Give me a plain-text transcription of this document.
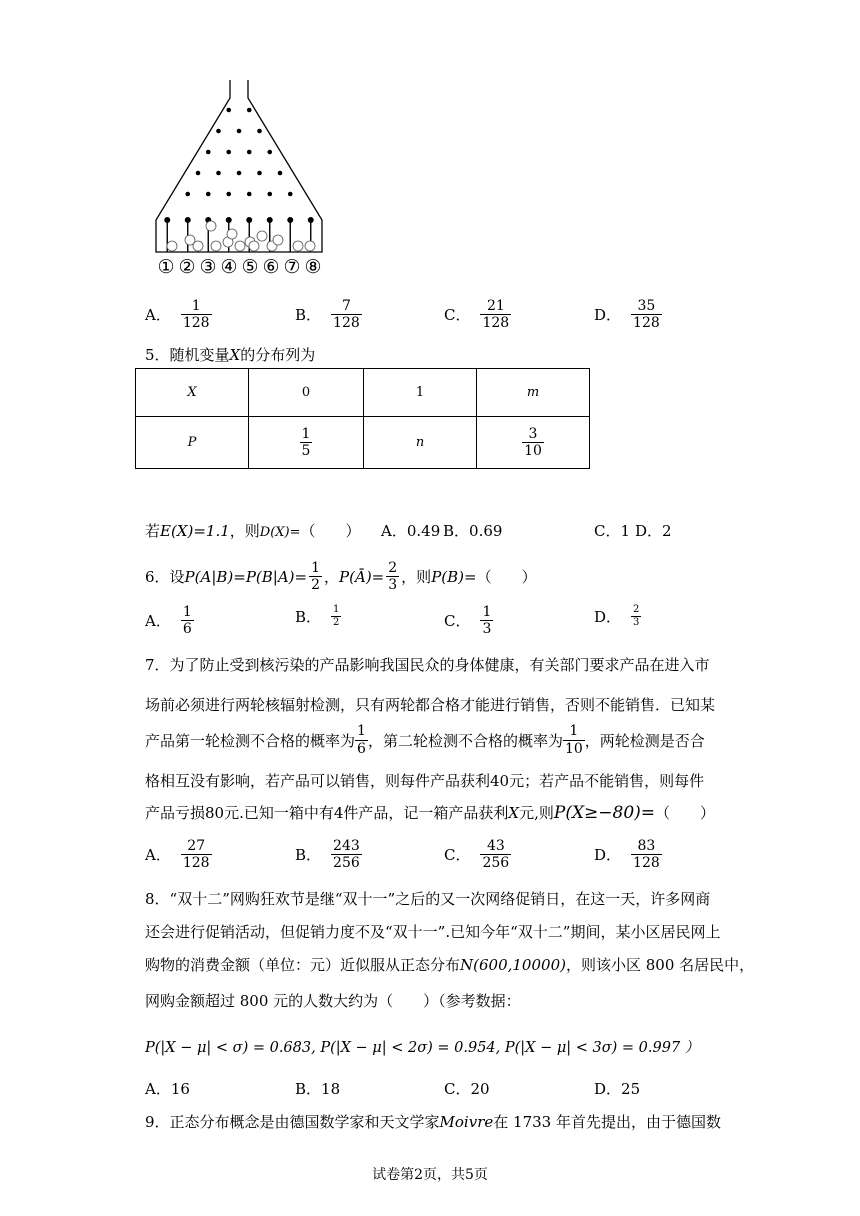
① ② ③ ④ ⑤ ⑥ ⑦ ⑧
A． $\frac{1}{128}$	B． $\frac{7}{128}$	C． $\frac{21}{128}$	D． $\frac{35}{128}$
5．随机变量X的分布列为
X	0	1	m
P	$\frac{1}{5}$	n	$\frac{3}{10}$
若E(X)=1.1，则D(X)=（　　） A．0.49 B．0.69	C．1 D．2
6．设 $P(A|B)=P(B|A)= \frac{1}{2}$ ， P(Ā)= $\frac{2}{3}$ ，则 P(B)= （　　）
A． $\frac{1}{6}$	B． $\frac{1}{2}$	C． $\frac{1}{3}$	D． $\frac{2}{3}$
7．为了防止受到核污染的产品影响我国民众的身体健康，有关部门要求产品在进入市
场前必须进行两轮核辐射检测，只有两轮都合格才能进行销售，否则不能销售．已知某
产品第一轮检测不合格的概率为 $\frac{1}{6}$ ，第二轮检测不合格的概率为 $\frac{1}{10}$ ，两轮检测是否合
格相互没有影响，若产品可以销售，则每件产品获利40元；若产品不能销售，则每件
产品亏损80元.已知一箱中有4件产品，记一箱产品获利X元,则P(X≥−80)=（　　）
A． $\frac{27}{128}$	B． $\frac{243}{256}$	C． $\frac{43}{256}$	D． $\frac{83}{128}$
8．“双十二”网购狂欢节是继“双十一”之后的又一次网络促销日，在这一天，许多网商
还会进行促销活动，但促销力度不及“双十一”.已知今年“双十二”期间，某小区居民网上
购物的消费金额（单位：元）近似服从正态分布N(600,10000)，则该小区 800 名居民中，
网购金额超过 800 元的人数大约为（　　）（参考数据：
P(|X − μ| < σ) = 0.683, P(|X − μ| < 2σ) = 0.954, P(|X − μ| < 3σ) = 0.997 ）
A．16	B．18	C．20	D．25
9．正态分布概念是由德国数学家和天文学家Moivre在 1733 年首先提出，由于德国数
试卷第2页，共5页
